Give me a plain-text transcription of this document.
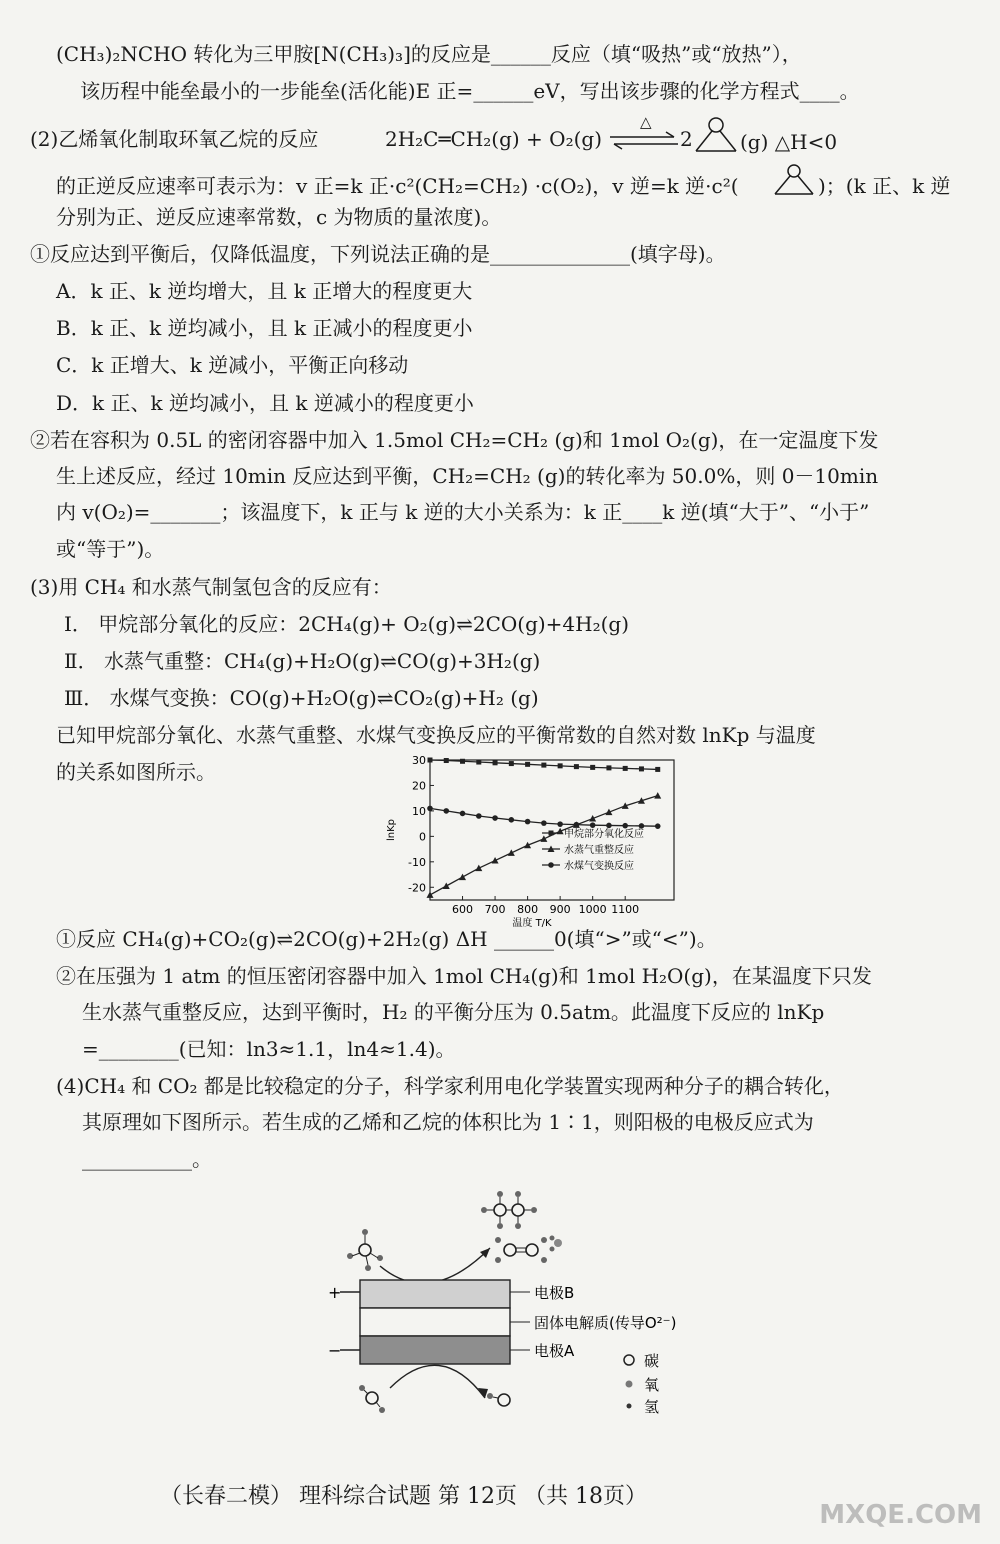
(CH₃)₂NCHO 转化为三甲胺[N(CH₃)₃]的反应是______反应（填“吸热”或“放热”），
该历程中能垒最小的一步能垒(活化能)E 正=______eV，写出该步骤的化学方程式____。
(2)乙烯氧化制取环氧乙烷的反应	2H₂C═CH₂(g) + O₂(g)
△
2 (g) △H<0
的正逆反应速率可表示为：v 正=k 正·c²(CH₂=CH₂) ·c(O₂)，v 逆=k 逆·c²(	)；(k 正、k 逆
分别为正、逆反应速率常数，c 为物质的量浓度)。
①反应达到平衡后，仅降低温度，下列说法正确的是______________(填字母)。
A．k 正、k 逆均增大，且 k 正增大的程度更大
B．k 正、k 逆均减小，且 k 正减小的程度更小
C．k 正增大、k 逆减小，平衡正向移动
D．k 正、k 逆均减小，且 k 逆减小的程度更小
②若在容积为 0.5L 的密闭容器中加入 1.5mol CH₂=CH₂ (g)和 1mol O₂(g)，在一定温度下发
生上述反应，经过 10min 反应达到平衡，CH₂=CH₂ (g)的转化率为 50.0%，则 0－10min
内 v(O₂)=_______；该温度下，k 正与 k 逆的大小关系为：k 正____k 逆(填“大于”、“小于”
或“等于”)。
(3)用 CH₄ 和水蒸气制氢包含的反应有：
Ⅰ． 甲烷部分氧化的反应：2CH₄(g)+ O₂(g)⇌2CO(g)+4H₂(g)
Ⅱ． 水蒸气重整：CH₄(g)+H₂O(g)⇌CO(g)+3H₂(g)
Ⅲ． 水煤气变换：CO(g)+H₂O(g)⇌CO₂(g)+H₂ (g)
已知甲烷部分氧化、水蒸气重整、水煤气变换反应的平衡常数的自然对数 lnKp 与温度
的关系如图所示。	30
20
10
0
-10
-20
600 700 800 900 1000 1100
温度 T/K
lnKp	甲烷部分氧化反应
水蒸气重整反应
水煤气变换反应
①反应 CH₄(g)+CO₂(g)⇌2CO(g)+2H₂(g) ΔH ______0(填“>”或“<”)。
②在压强为 1 atm 的恒压密闭容器中加入 1mol CH₄(g)和 1mol H₂O(g)，在某温度下只发
生水蒸气重整反应，达到平衡时，H₂ 的平衡分压为 0.5atm。此温度下反应的 lnKp
=________(已知：ln3≈1.1，ln4≈1.4)。
(4)CH₄ 和 CO₂ 都是比较稳定的分子，科学家利用电化学装置实现两种分子的耦合转化，
其原理如下图所示。若生成的乙烯和乙烷的体积比为 1∶1，则阳极的电极反应式为
___________。
+
−
电极B
固体电解质(传导O²⁻)
电极A
碳
氧
氢
（长春二模） 理科综合试题 第 12页 （共 18页）
MXQE.COM
